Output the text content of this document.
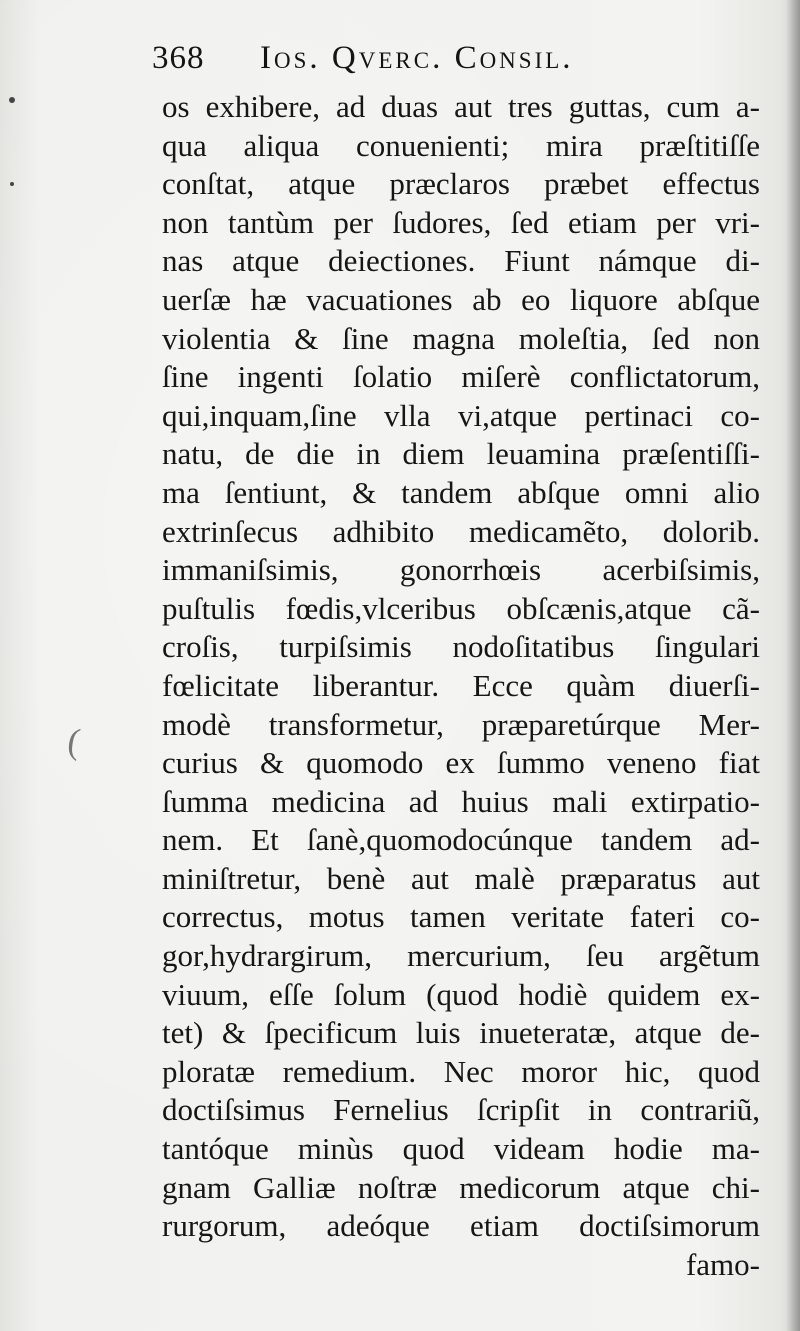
(
368 Ios. Qverc. Consil.
os exhibere, ad duas aut tres guttas, cum a-
qua aliqua conuenienti; mira præſtitiſſe
conſtat, atque præclaros præbet effectus
non tantùm per ſudores, ſed etiam per vri-
nas atque deiectiones. Fiunt námque di-
uerſæ hæ vacuationes ab eo liquore abſque
violentia & ſine magna moleſtia, ſed non
ſine ingenti ſolatio miſerè conflictatorum,
qui,inquam,ſine vlla vi,atque pertinaci co-
natu, de die in diem leuamina præſentiſſi-
ma ſentiunt, & tandem abſque omni alio
extrinſecus adhibito medicamẽto, dolorib.
immaniſsimis, gonorrhœis acerbiſsimis,
puſtulis fœdis,vlceribus obſcænis,atque cã-
croſis, turpiſsimis nodoſitatibus ſingulari
fœlicitate liberantur. Ecce quàm diuerſi-
modè transformetur, præparetúrque Mer-
curius & quomodo ex ſummo veneno fiat
ſumma medicina ad huius mali extirpatio-
nem. Et ſanè,quomodocúnque tandem ad-
miniſtretur, benè aut malè præparatus aut
correctus, motus tamen veritate fateri co-
gor,hydrargirum, mercurium, ſeu argẽtum
viuum, eſſe ſolum (quod hodiè quidem ex-
tet) & ſpecificum luis inueteratæ, atque de-
ploratæ remedium. Nec moror hic, quod
doctiſsimus Fernelius ſcripſit in contrariũ,
tantóque minùs quod videam hodie ma-
gnam Galliæ noſtræ medicorum atque chi-
rurgorum, adeóque etiam doctiſsimorum
famo-
